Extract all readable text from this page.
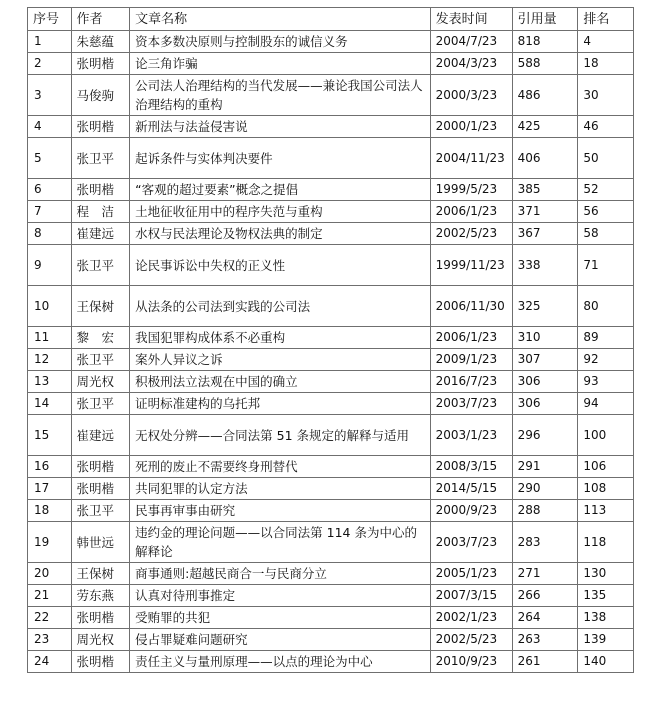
序号	作者	文章名称	发表时间	引用量	排名
1	朱慈蕴	资本多数决原则与控制股东的诚信义务	2004/7/23	818	4
2	张明楷	论三角诈骗	2004/3/23	588	18
3	马俊驹	公司法人治理结构的当代发展——兼论我国公司法人治理结构的重构	2000/3/23	486	30
4	张明楷	新刑法与法益侵害说	2000/1/23	425	46
5	张卫平	起诉条件与实体判决要件	2004/11/23	406	50
6	张明楷	“客观的超过要素”概念之提倡	1999/5/23	385	52
7	程　洁	土地征收征用中的程序失范与重构	2006/1/23	371	56
8	崔建远	水权与民法理论及物权法典的制定	2002/5/23	367	58
9	张卫平	论民事诉讼中失权的正义性	1999/11/23	338	71
10	王保树	从法条的公司法到实践的公司法	2006/11/30	325	80
11	黎　宏	我国犯罪构成体系不必重构	2006/1/23	310	89
12	张卫平	案外人异议之诉	2009/1/23	307	92
13	周光权	积极刑法立法观在中国的确立	2016/7/23	306	93
14	张卫平	证明标准建构的乌托邦	2003/7/23	306	94
15	崔建远	无权处分辨——合同法第 51 条规定的解释与适用	2003/1/23	296	100
16	张明楷	死刑的废止不需要终身刑替代	2008/3/15	291	106
17	张明楷	共同犯罪的认定方法	2014/5/15	290	108
18	张卫平	民事再审事由研究	2000/9/23	288	113
19	韩世远	违约金的理论问题——以合同法第 114 条为中心的解释论	2003/7/23	283	118
20	王保树	商事通则:超越民商合一与民商分立	2005/1/23	271	130
21	劳东燕	认真对待刑事推定	2007/3/15	266	135
22	张明楷	受贿罪的共犯	2002/1/23	264	138
23	周光权	侵占罪疑难问题研究	2002/5/23	263	139
24	张明楷	责任主义与量刑原理——以点的理论为中心	2010/9/23	261	140
